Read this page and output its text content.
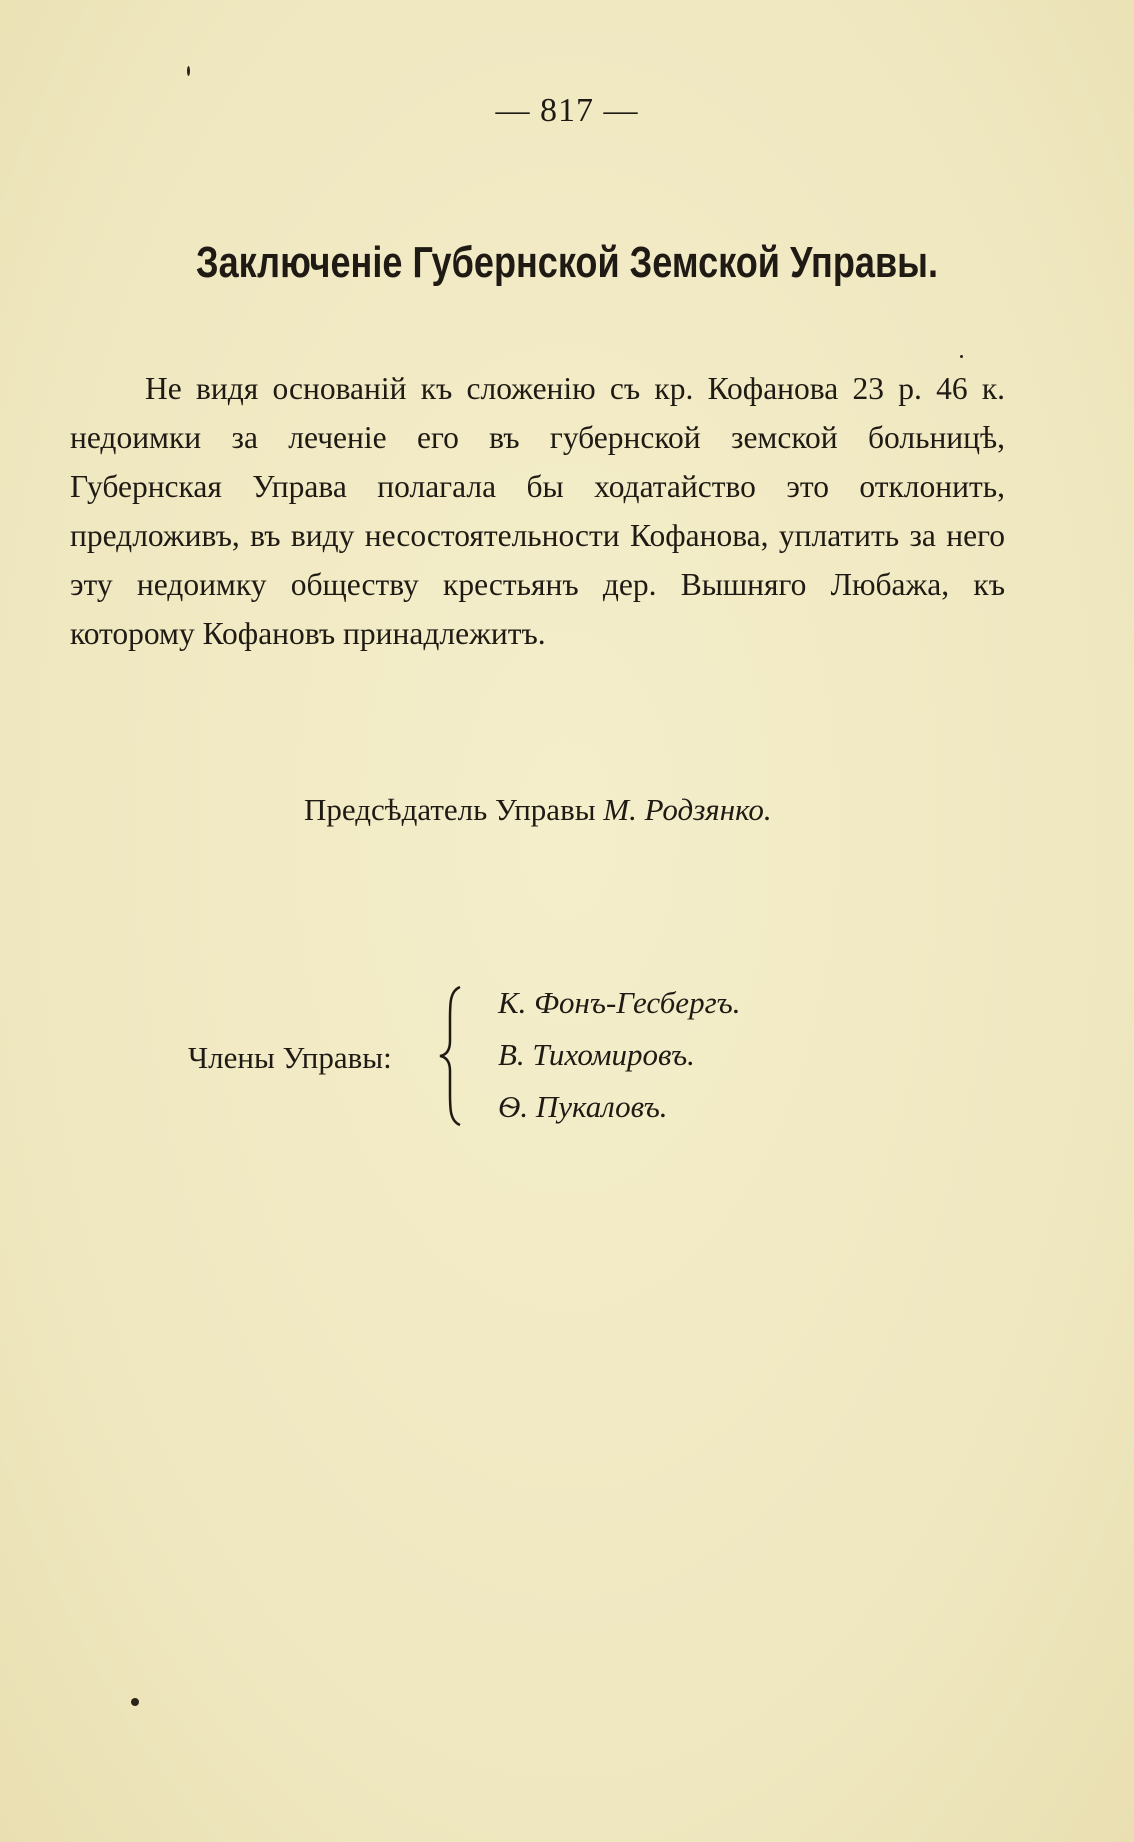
— 817 —
Заключеніе Губернской Земской Управы.
Не видя основаній къ сложенію съ кр. Кофанова 23 р. 46 к. недоимки за леченіе его въ губернской земской больницѣ, Губернская Управа полагала бы ходатайство это отклонить, предложивъ, въ виду несостоятельности Кофанова, уплатить за него эту недоимку обществу крестьянъ дер. Вышняго Любажа, къ которому Кофановъ принадлежитъ.
Предсѣдатель Управы М. Родзянко.
Члены Управы:
К. Фонъ-Гесбергъ.
В. Тихомировъ.
Ѳ. Пукаловъ.
